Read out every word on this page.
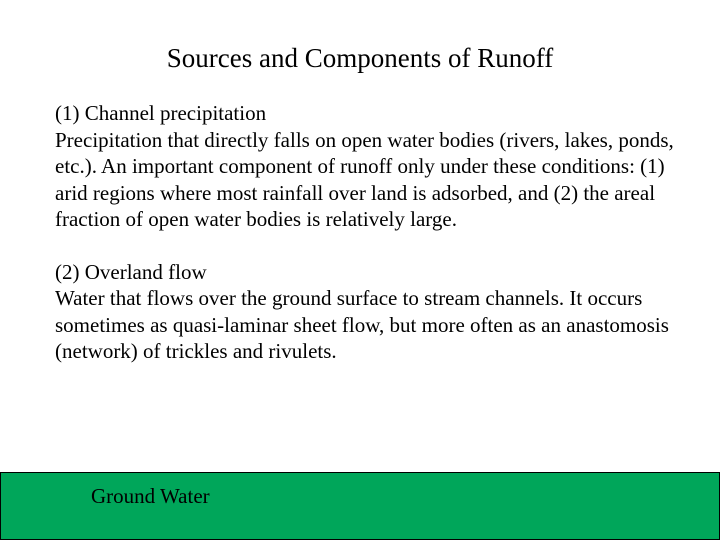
Sources and Components of Runoff

(1) Channel precipitation

Precipitation that directly falls on open water bodies (rivers, lakes, ponds, etc.). An important component of runoff only under these conditions: (1) arid regions where most rainfall over land is adsorbed, and (2) the areal fraction of open water bodies is relatively large.

(2) Overland flow

Water that flows over the ground surface to stream channels. It occurs sometimes as quasi-laminar sheet flow, but more often as an anastomosis (network) of trickles and rivulets.

Ground Water
